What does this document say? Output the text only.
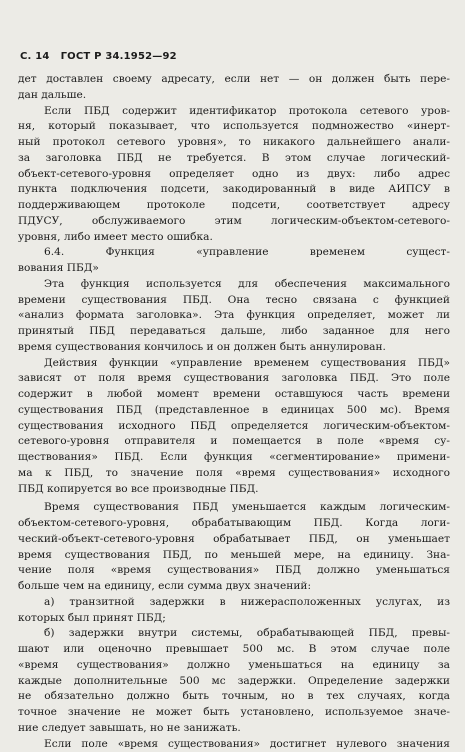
С. 14 ГОСТ Р 34.1952—92
дет доставлен своему адресату, если нет — он должен быть пере-
дан дальше.
Если ПБД содержит идентификатор протокола сетевого уров-
ня, который показывает, что используется подмножество «инерт-
ный протокол сетевого уровня», то никакого дальнейшего анали-
за заголовка ПБД не требуется. В этом случае логический-
объект-сетевого-уровня определяет одно из двух: либо адрес
пункта подключения подсети, закодированный в виде АИПСУ в
поддерживающем протоколе подсети, соответствует адресу
ПДУСУ, обслуживаемого этим логическим-объектом-сетевого-
уровня, либо имеет место ошибка.
6.4. Функция «управление временем сущест-
вования ПБД»
Эта функция используется для обеспечения максимального
времени существования ПБД. Она тесно связана с функцией
«анализ формата заголовка». Эта функция определяет, может ли
принятый ПБД передаваться дальше, либо заданное для него
время существования кончилось и он должен быть аннулирован.
Действия функции «управление временем существования ПБД»
зависят от поля время существования заголовка ПБД. Это поле
содержит в любой момент времени оставшуюся часть времени
существования ПБД (представленное в единицах 500 мс). Время
существования исходного ПБД определяется логическим-объектом-
сетевого-уровня отправителя и помещается в поле «время су-
ществования» ПБД. Если функция «сегментирование» примени-
ма к ПБД, то значение поля «время существования» исходного
ПБД копируется во все производные ПБД.
Время существования ПБД уменьшается каждым логическим-
объектом-сетевого-уровня, обрабатывающим ПБД. Когда логи-
ческий-объект-сетевого-уровня обрабатывает ПБД, он уменьшает
время существования ПБД, по меньшей мере, на единицу. Зна-
чение поля «время существования» ПБД должно уменьшаться
больше чем на единицу, если сумма двух значений:
а) транзитной задержки в нижерасположенных услугах, из
которых был принят ПБД;
б) задержки внутри системы, обрабатывающей ПБД, превы-
шают или оценочно превышает 500 мс. В этом случае поле
«время существования» должно уменьшаться на единицу за
каждые дополнительные 500 мс задержки. Определение задержки
не обязательно должно быть точным, но в тех случаях, когда
точное значение не может быть установлено, используемое значе-
ние следует завышать, но не занижать.
Если поле «время существования» достигнет нулевого значения
